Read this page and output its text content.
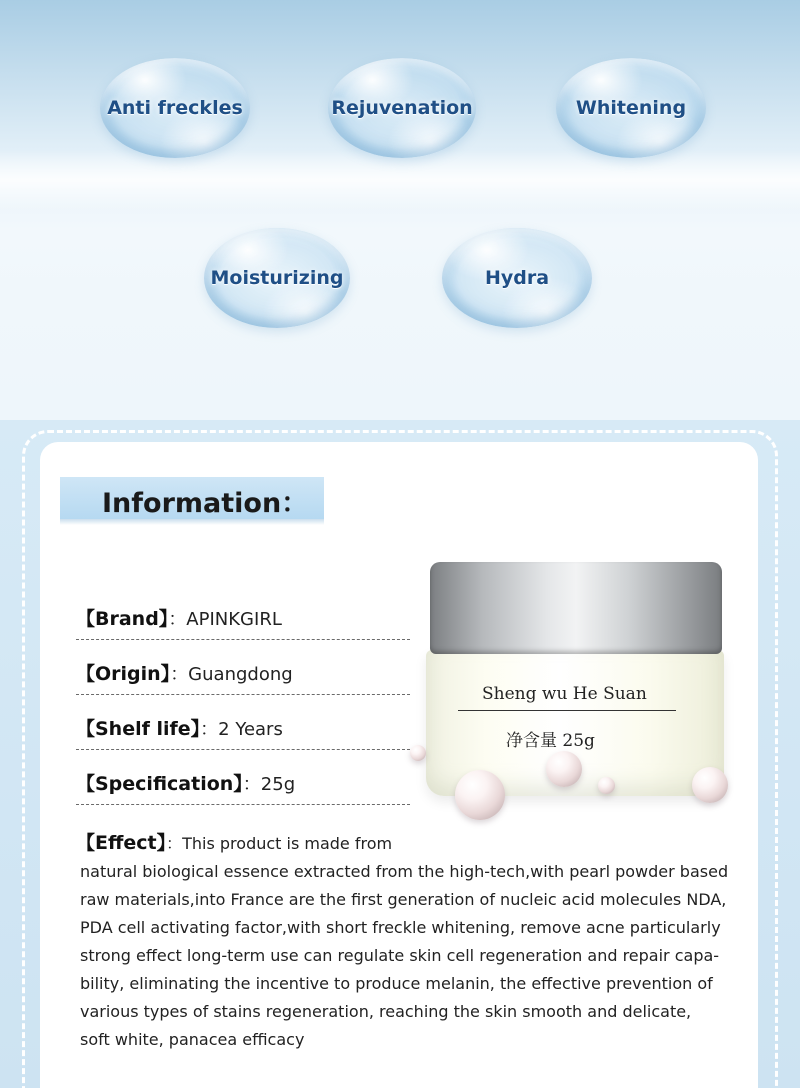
Anti freckles	Rejuvenation	Whitening
Moisturizing	Hydra
Information：
【Brand】：APINKGIRL
【Origin】：Guangdong
【Shelf life】：2 Years
【Specification】：25g
【Effect】：This product is made from
natural biological essence extracted from the high-tech,with pearl powder based
raw materials,into France are the first generation of nucleic acid molecules NDA,
PDA cell activating factor,with short freckle whitening, remove acne particularly
strong effect long-term use can regulate skin cell regeneration and repair capa-
bility, eliminating the incentive to produce melanin, the effective prevention of
various types of stains regeneration, reaching the skin smooth and delicate,
soft white, panacea efficacy
Sheng wu He Suan
净含量 25g
